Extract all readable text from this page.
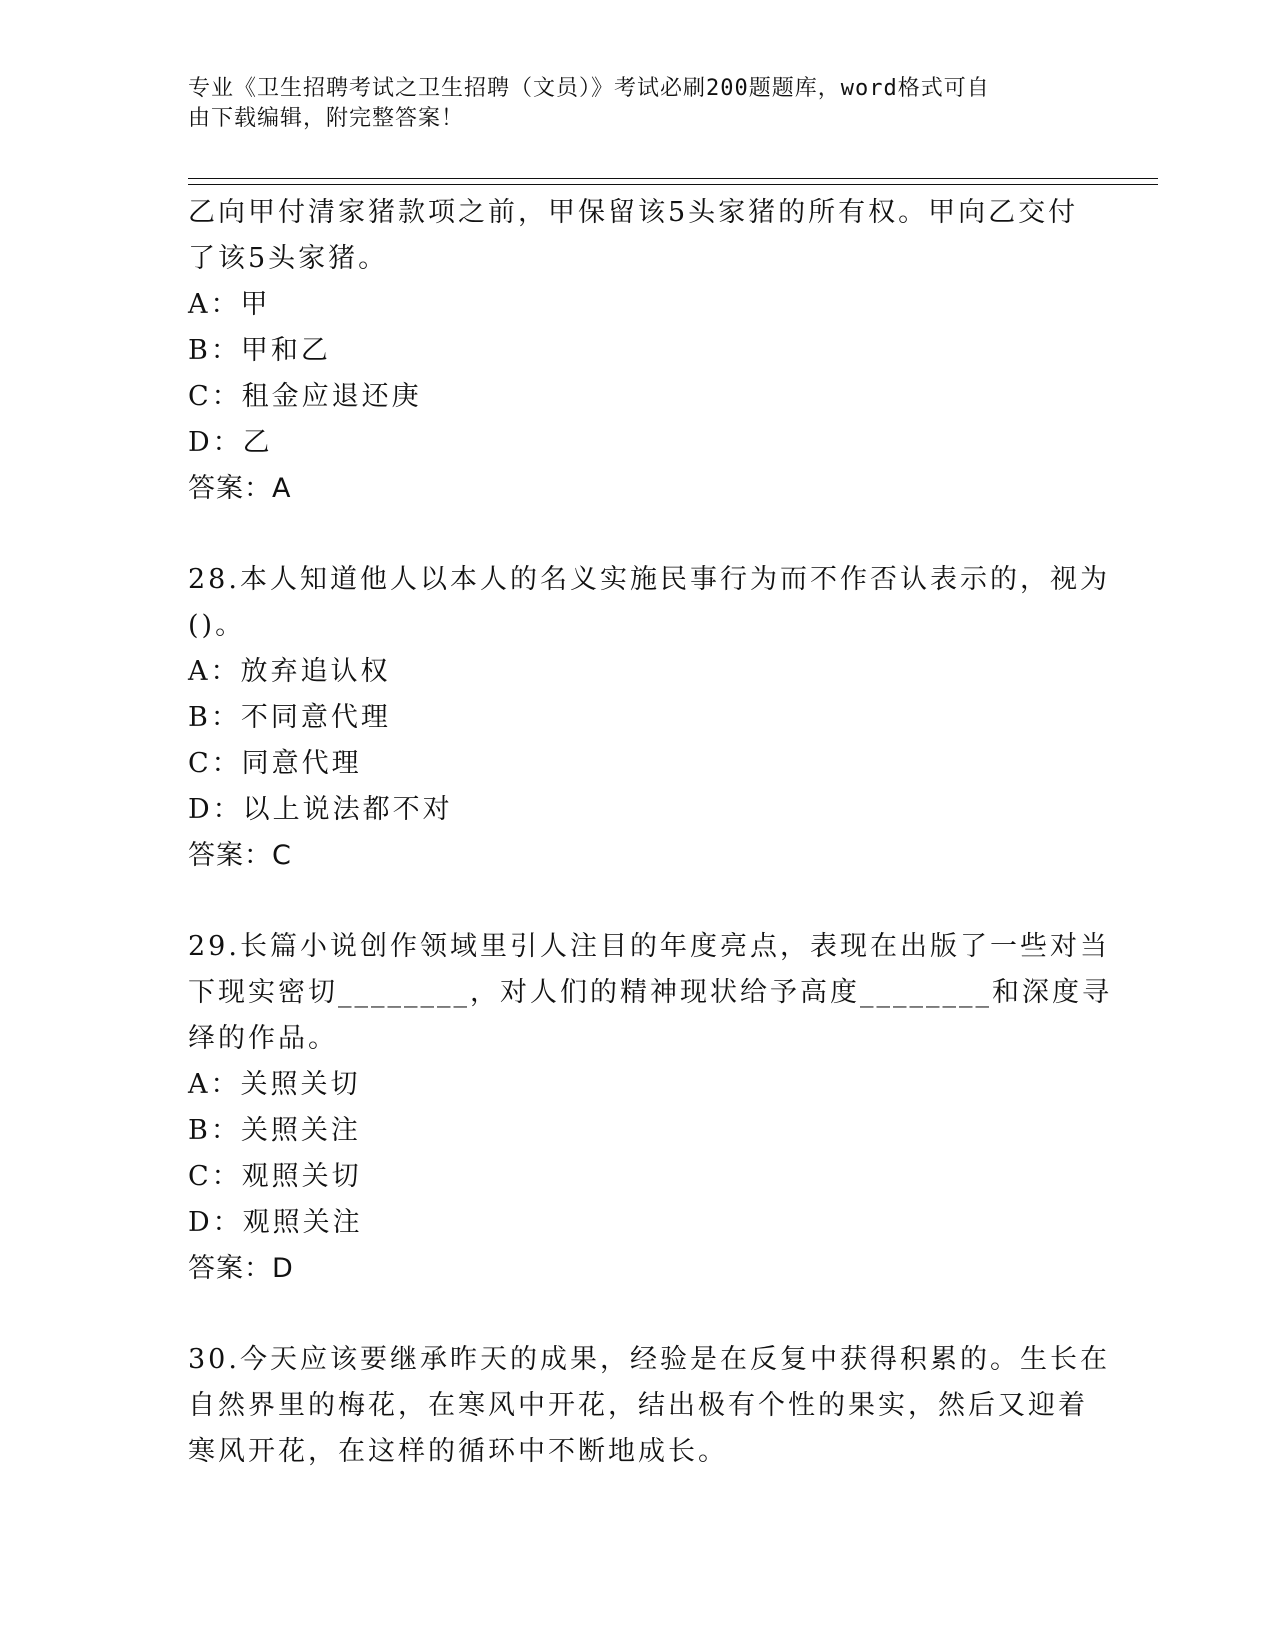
专业《卫生招聘考试之卫生招聘（文员）》考试必刷200题题库，word格式可自
由下载编辑，附完整答案！
乙向甲付清家猪款项之前，甲保留该5头家猪的所有权。甲向乙交付
了该5头家猪。
A：甲
B：甲和乙
C：租金应退还庚
D：乙
答案：A
28.本人知道他人以本人的名义实施民事行为而不作否认表示的，视为
()。
A：放弃追认权
B：不同意代理
C：同意代理
D：以上说法都不对
答案：C
29.长篇小说创作领域里引人注目的年度亮点，表现在出版了一些对当
下现实密切________，对人们的精神现状给予高度________和深度寻
绎的作品。
A：关照关切
B：关照关注
C：观照关切
D：观照关注
答案：D
30.今天应该要继承昨天的成果，经验是在反复中获得积累的。生长在
自然界里的梅花，在寒风中开花，结出极有个性的果实，然后又迎着
寒风开花，在这样的循环中不断地成长。
